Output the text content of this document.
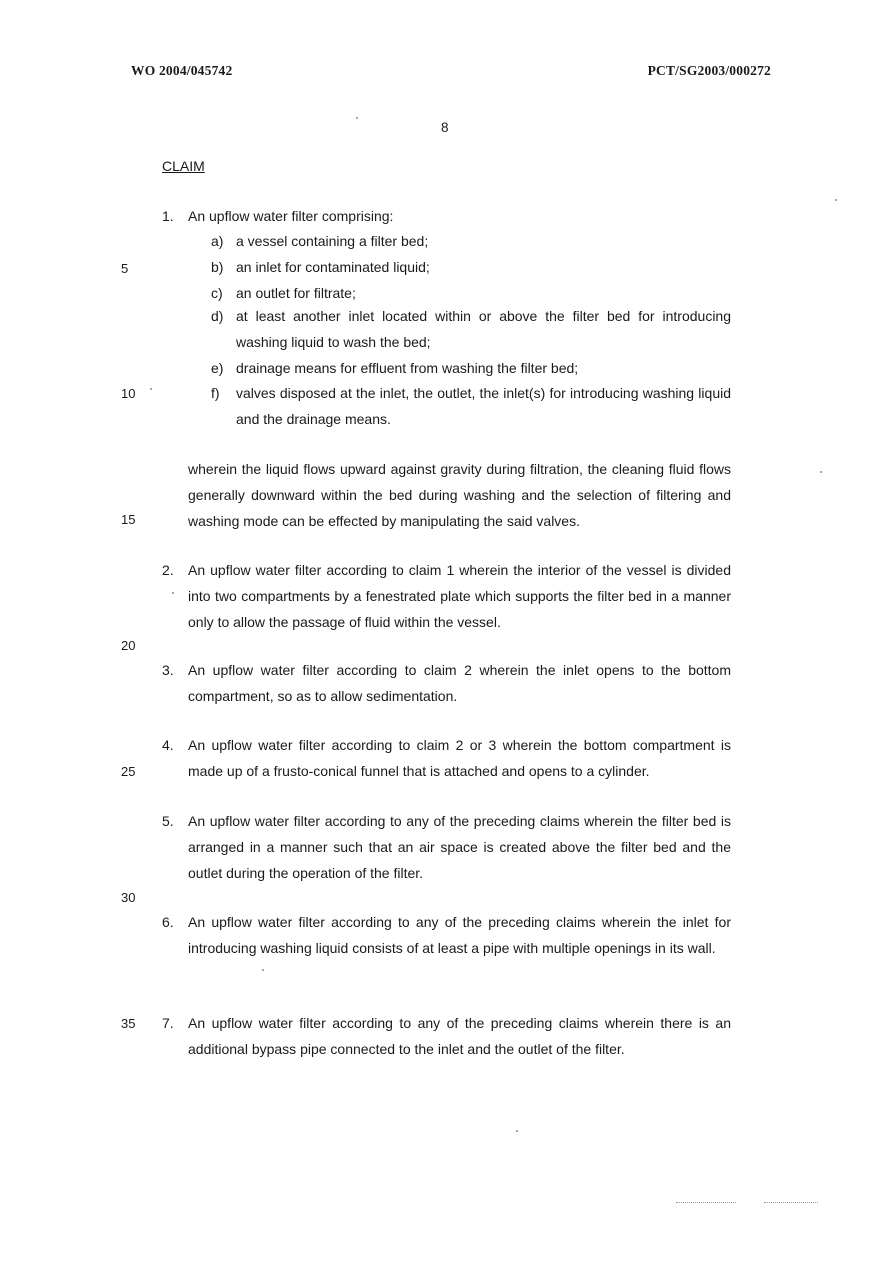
WO 2004/045742	PCT/SG2003/000272
8
CLAIM
5
10
15
20
25
30
35
1. An upflow water filter comprising:
a) a vessel containing a filter bed;
b) an inlet for contaminated liquid;
c) an outlet for filtrate;
d) at least another inlet located within or above the filter bed for introducing washing liquid to wash the bed;
e) drainage means for effluent from washing the filter bed;
f) valves disposed at the inlet, the outlet, the inlet(s) for introducing washing liquid and the drainage means.
wherein the liquid flows upward against gravity during filtration, the cleaning fluid flows generally downward within the bed during washing and the selection of filtering and washing mode can be effected by manipulating the said valves.
2. An upflow water filter according to claim 1 wherein the interior of the vessel is divided into two compartments by a fenestrated plate which supports the filter bed in a manner only to allow the passage of fluid within the vessel.
3. An upflow water filter according to claim 2 wherein the inlet opens to the bottom compartment, so as to allow sedimentation.
4. An upflow water filter according to claim 2 or 3 wherein the bottom compartment is made up of a frusto-conical funnel that is attached and opens to a cylinder.
5. An upflow water filter according to any of the preceding claims wherein the filter bed is arranged in a manner such that an air space is created above the filter bed and the outlet during the operation of the filter.
6. An upflow water filter according to any of the preceding claims wherein the inlet for introducing washing liquid consists of at least a pipe with multiple openings in its wall.
7. An upflow water filter according to any of the preceding claims wherein there is an additional bypass pipe connected to the inlet and the outlet of the filter.
